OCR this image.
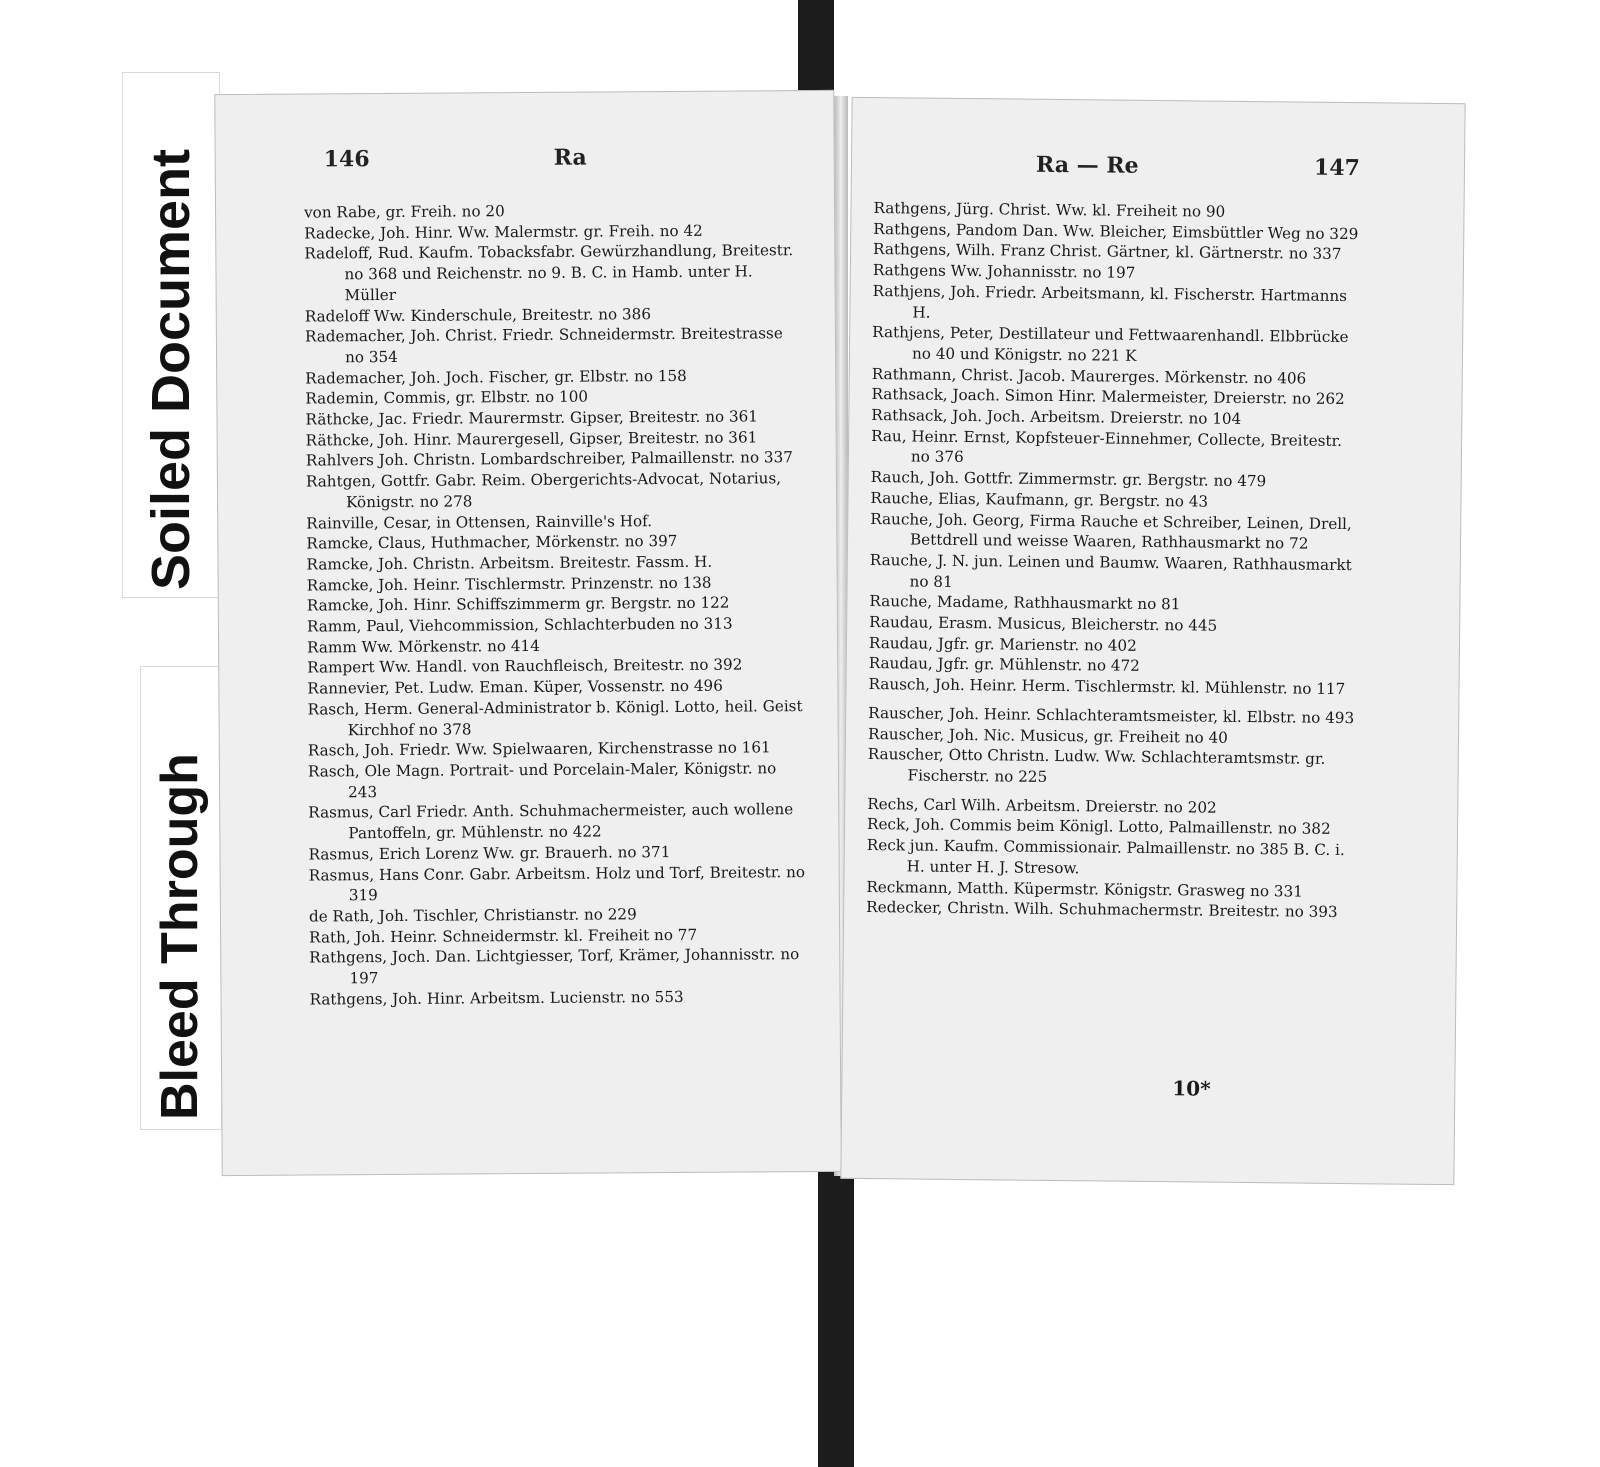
Soiled Document
Bleed Through
146	Ra
von Rabe, gr. Freih. no 20
Radecke, Joh. Hinr. Ww. Malermstr. gr. Freih. no 42
Radeloff, Rud. Kaufm. Tobacksfabr. Gewürzhandlung, Breitestr. no 368 und Reichenstr. no 9. B. C. in Hamb. unter H. Müller
Radeloff Ww. Kinderschule, Breitestr. no 386
Rademacher, Joh. Christ. Friedr. Schneidermstr. Breitestrasse no 354
Rademacher, Joh. Joch. Fischer, gr. Elbstr. no 158
Rademin, Commis, gr. Elbstr. no 100
Räthcke, Jac. Friedr. Maurermstr. Gipser, Breitestr. no 361
Räthcke, Joh. Hinr. Maurergesell, Gipser, Breitestr. no 361
Rahlvers Joh. Christn. Lombardschreiber, Palmaillenstr. no 337
Rahtgen, Gottfr. Gabr. Reim. Obergerichts-Advocat, Notarius, Königstr. no 278
Rainville, Cesar, in Ottensen, Rainville's Hof.
Ramcke, Claus, Huthmacher, Mörkenstr. no 397
Ramcke, Joh. Christn. Arbeitsm. Breitestr. Fassm. H.
Ramcke, Joh. Heinr. Tischlermstr. Prinzenstr. no 138
Ramcke, Joh. Hinr. Schiffszimmerm gr. Bergstr. no 122
Ramm, Paul, Viehcommission, Schlachterbuden no 313
Ramm Ww. Mörkenstr. no 414
Rampert Ww. Handl. von Rauchfleisch, Breitestr. no 392
Rannevier, Pet. Ludw. Eman. Küper, Vossenstr. no 496
Rasch, Herm. General-Administrator b. Königl. Lotto, heil. Geist Kirchhof no 378
Rasch, Joh. Friedr. Ww. Spielwaaren, Kirchenstrasse no 161
Rasch, Ole Magn. Portrait- und Porcelain-Maler, Königstr. no 243
Rasmus, Carl Friedr. Anth. Schuhmachermeister, auch wollene Pantoffeln, gr. Mühlenstr. no 422
Rasmus, Erich Lorenz Ww. gr. Brauerh. no 371
Rasmus, Hans Conr. Gabr. Arbeitsm. Holz und Torf, Breitestr. no 319
de Rath, Joh. Tischler, Christianstr. no 229
Rath, Joh. Heinr. Schneidermstr. kl. Freiheit no 77
Rathgens, Joch. Dan. Lichtgiesser, Torf, Krämer, Johannisstr. no 197
Rathgens, Joh. Hinr. Arbeitsm. Lucienstr. no 553
Ra — Re	147
Rathgens, Jürg. Christ. Ww. kl. Freiheit no 90
Rathgens, Pandom Dan. Ww. Bleicher, Eimsbüttler Weg no 329
Rathgens, Wilh. Franz Christ. Gärtner, kl. Gärtnerstr. no 337
Rathgens Ww. Johannisstr. no 197
Rathjens, Joh. Friedr. Arbeitsmann, kl. Fischerstr. Hartmanns H.
Rathjens, Peter, Destillateur und Fettwaarenhandl. Elbbrücke no 40 und Königstr. no 221 K
Rathmann, Christ. Jacob. Maurerges. Mörkenstr. no 406
Rathsack, Joach. Simon Hinr. Malermeister, Dreierstr. no 262
Rathsack, Joh. Joch. Arbeitsm. Dreierstr. no 104
Rau, Heinr. Ernst, Kopfsteuer-Einnehmer, Collecte, Breitestr. no 376
Rauch, Joh. Gottfr. Zimmermstr. gr. Bergstr. no 479
Rauche, Elias, Kaufmann, gr. Bergstr. no 43
Rauche, Joh. Georg, Firma Rauche et Schreiber, Leinen, Drell, Bettdrell und weisse Waaren, Rathhausmarkt no 72
Rauche, J. N. jun. Leinen und Baumw. Waaren, Rathhausmarkt no 81
Rauche, Madame, Rathhausmarkt no 81
Raudau, Erasm. Musicus, Bleicherstr. no 445
Raudau, Jgfr. gr. Marienstr. no 402
Raudau, Jgfr. gr. Mühlenstr. no 472
Rausch, Joh. Heinr. Herm. Tischlermstr. kl. Mühlenstr. no 117
Rauscher, Joh. Heinr. Schlachteramtsmeister, kl. Elbstr. no 493
Rauscher, Joh. Nic. Musicus, gr. Freiheit no 40
Rauscher, Otto Christn. Ludw. Ww. Schlachteramtsmstr. gr. Fischerstr. no 225
Rechs, Carl Wilh. Arbeitsm. Dreierstr. no 202
Reck, Joh. Commis beim Königl. Lotto, Palmaillenstr. no 382
Reck jun. Kaufm. Commissionair. Palmaillenstr. no 385 B. C. i. H. unter H. J. Stresow.
Reckmann, Matth. Küpermstr. Königstr. Grasweg no 331
Redecker, Christn. Wilh. Schuhmachermstr. Breitestr. no 393
10*
